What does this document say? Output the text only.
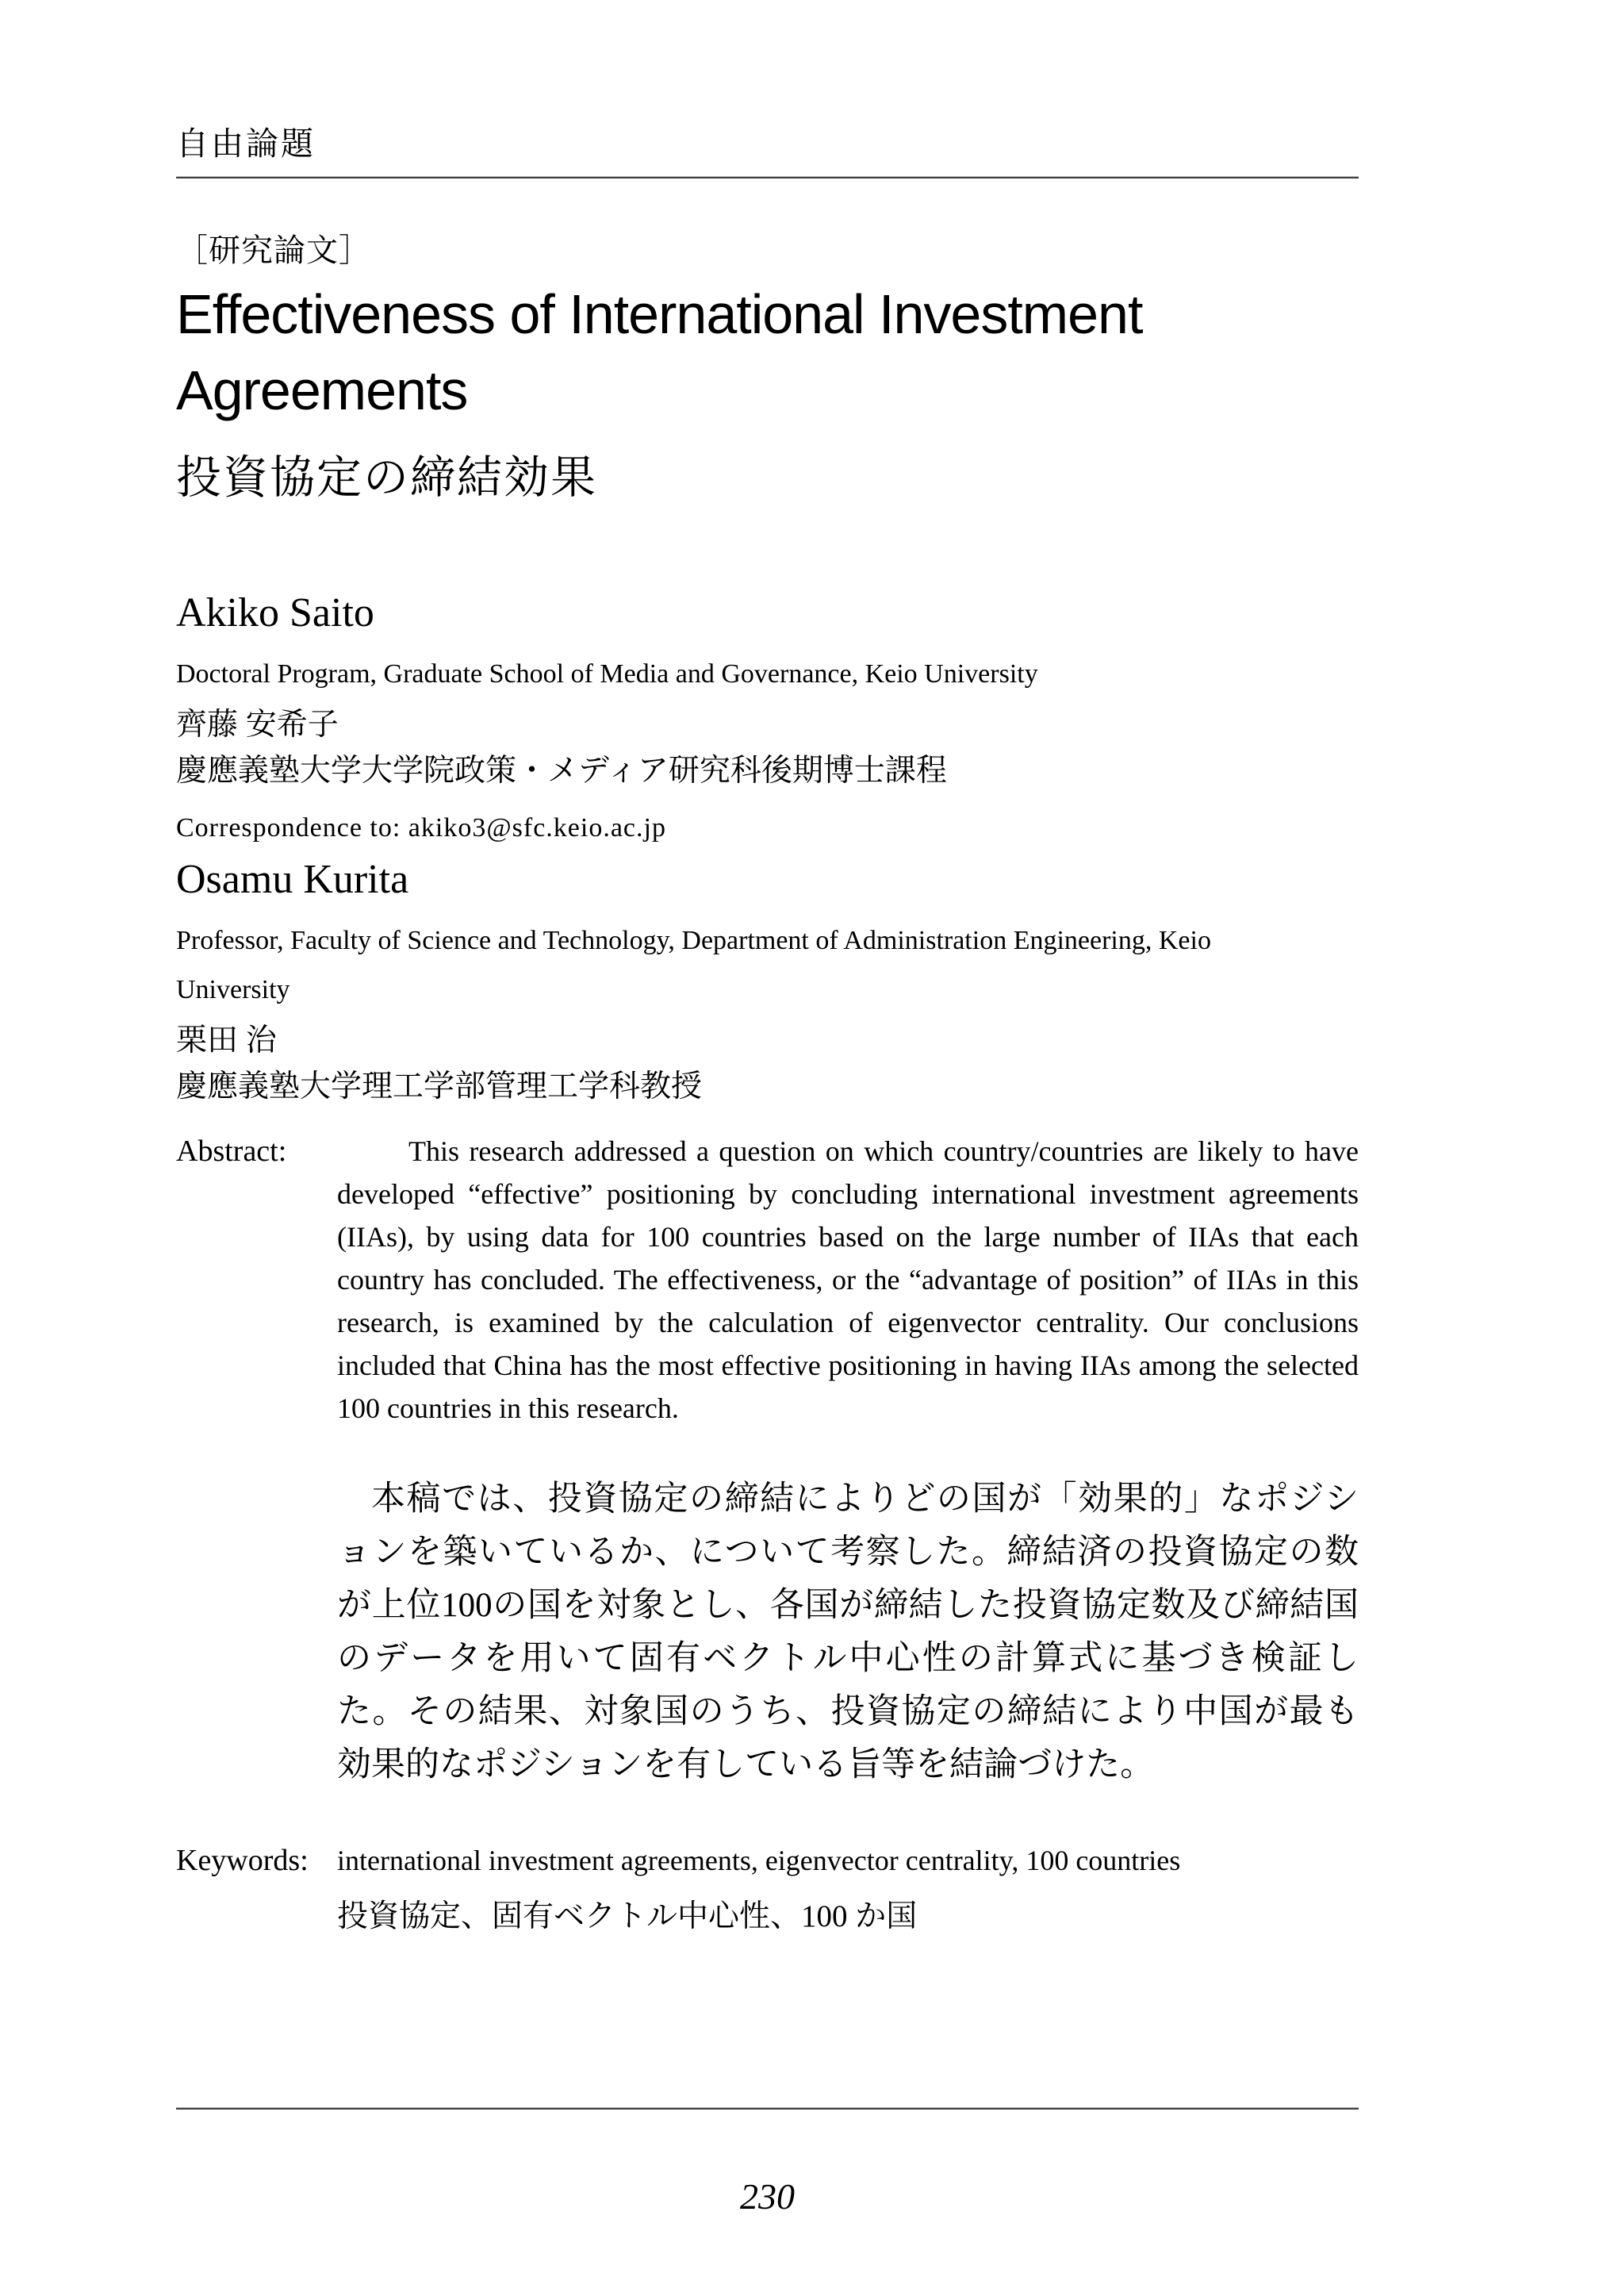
自由論題
［研究論文］
Effectiveness of International Investment Agreements
投資協定の締結効果
Akiko Saito
Doctoral Program, Graduate School of Media and Governance, Keio University
齊藤 安希子
慶應義塾大学大学院政策・メディア研究科後期博士課程
Correspondence to: akiko3@sfc.keio.ac.jp
Osamu Kurita
Professor, Faculty of Science and Technology, Department of Administration Engineering, Keio
University
栗田 治
慶應義塾大学理工学部管理工学科教授
Abstract:	This research addressed a question on which country/countries are likely to have developed “effective” positioning by concluding international investment agreements (IIAs), by using data for 100 countries based on the large number of IIAs that each country has concluded. The effectiveness, or the “advantage of position” of IIAs in this research, is examined by the calculation of eigenvector centrality. Our conclusions included that China has the most effective positioning in having IIAs among the selected 100 countries in this research.

本稿では、投資協定の締結によりどの国が「効果的」なポジションを築いているか、について考察した。締結済の投資協定の数が上位100の国を対象とし、各国が締結した投資協定数及び締結国のデータを用いて固有ベクトル中心性の計算式に基づき検証した。その結果、対象国のうち、投資協定の締結により中国が最も効果的なポジションを有している旨等を結論づけた。

Keywords:	international investment agreements, eigenvector centrality, 100 countries

投資協定、固有ベクトル中心性、100 か国

230
